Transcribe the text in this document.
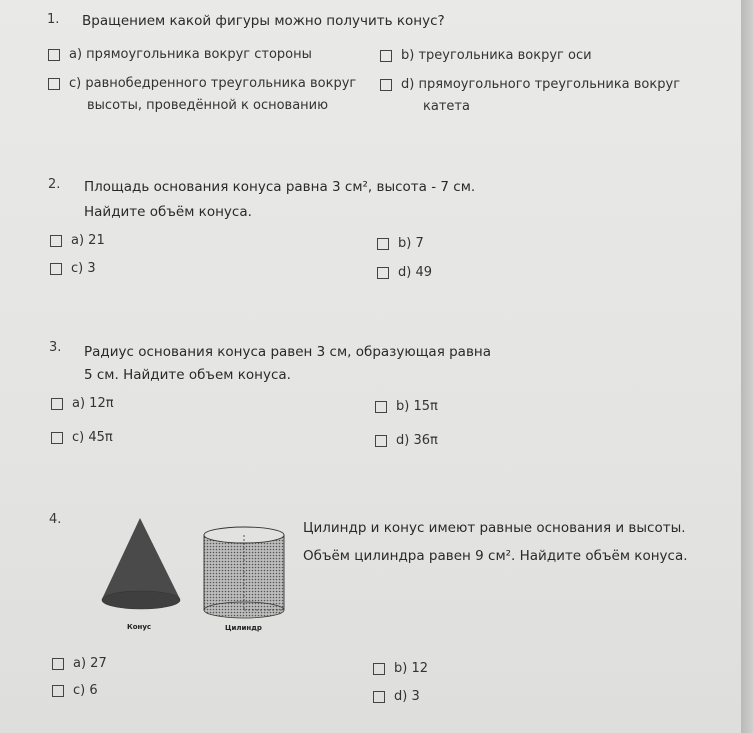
1. Вращением какой фигуры можно получить конус?
a) прямоугольника вокруг стороны	b) треугольника вокруг оси
c) равнобедренного треугольника вокруг
высоты, проведённой к основанию
d) прямоугольного треугольника вокруг
катета
2. Площадь основания конуса равна 3 см², высота - 7 см.
Найдите объём конуса.
a) 21	b) 7
c) 3	d) 49
3. Радиус основания конуса равен 3 см, образующая равна
5 см. Найдите объем конуса.
a) 12π	b) 15π
c) 45π	d) 36π
4.
Конус	Цилиндр
Цилиндр и конус имеют равные основания и высоты.
Объём цилиндра равен 9 см². Найдите объём конуса.
a) 27	b) 12
c) 6	d) 3
